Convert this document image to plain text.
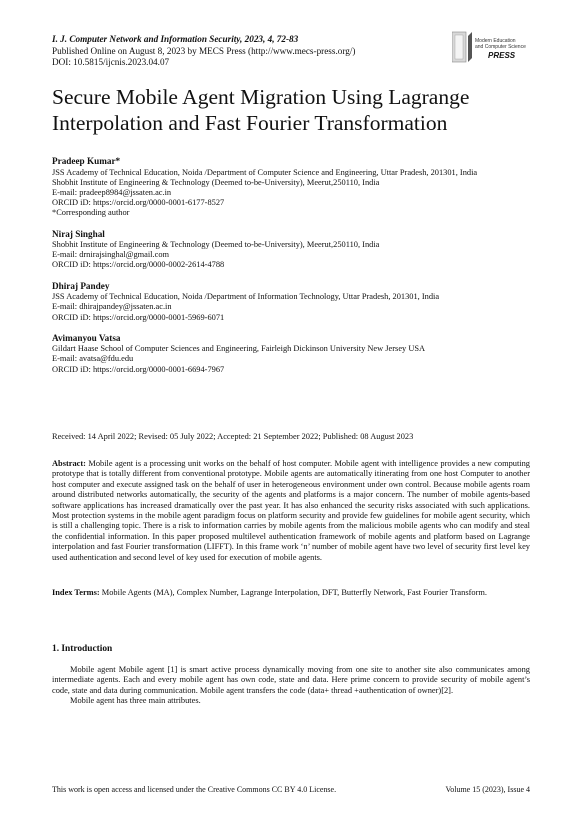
I. J. Computer Network and Information Security, 2023, 4, 72-83
Published Online on August 8, 2023 by MECS Press (http://www.mecs-press.org/)
DOI: 10.5815/ijcnis.2023.04.07
Modern Education
and Computer Science
PRESS
Secure Mobile Agent Migration Using Lagrange Interpolation and Fast Fourier Transformation
Pradeep Kumar*

JSS Academy of Technical Education, Noida /Department of Computer Science and Engineering, Uttar Pradesh, 201301, India

Shobhit Institute of Engineering & Technology (Deemed to-be-University), Meerut,250110, India

E-mail: pradeep8984@jssaten.ac.in

ORCID iD: https://orcid.org/0000-0001-6177-8527

*Corresponding author

Niraj Singhal

Shobhit Institute of Engineering & Technology (Deemed to-be-University), Meerut,250110, India

E-mail: drnirajsinghal@gmail.com

ORCID iD: https://orcid.org/0000-0002-2614-4788

Dhiraj Pandey

JSS Academy of Technical Education, Noida /Department of Information Technology, Uttar Pradesh, 201301, India

E-mail: dhirajpandey@jssaten.ac.in

ORCID iD: https://orcid.org/0000-0001-5969-6071

Avimanyou Vatsa

Gildart Haase School of Computer Sciences and Engineering, Fairleigh Dickinson University New Jersey USA

E-mail: avatsa@fdu.edu

ORCID iD: https://orcid.org/0000-0001-6694-7967

Received: 14 April 2022; Revised: 05 July 2022; Accepted: 21 September 2022; Published: 08 August 2023

Abstract: Mobile agent is a processing unit works on the behalf of host computer. Mobile agent with intelligence provides a new computing prototype that is totally different from conventional prototype. Mobile agents are automatically itinerating from one host Computer to another host computer and execute assigned task on the behalf of user in heterogeneous environment under own control. Because mobile agents roam around distributed networks automatically, the security of the agents and platforms is a major concern. The number of mobile agents-based software applications has increased dramatically over the past year. It has also enhanced the security risks associated with such applications. Most protection systems in the mobile agent paradigm focus on platform security and provide few guidelines for mobile agent security, which is still a challenging topic. There is a risk to information carries by mobile agents from the malicious mobile agents who can modify and steal the confidential information. In this paper proposed multilevel authentication framework of mobile agents and platform based on Lagrange interpolation and fast Fourier transformation (LIFFT). In this frame work ‘n’ number of mobile agent have two level of security first level key used authentication and second level of key used for execution of mobile agents.

Index Terms: Mobile Agents (MA), Complex Number, Lagrange Interpolation, DFT, Butterfly Network, Fast Fourier Transform.

1. Introduction

Mobile agent Mobile agent [1] is smart active process dynamically moving from one site to another site also communicates among intermediate agents. Each and every mobile agent has own code, state and data. Here prime concern to provide security of mobile agent’s code, state and data during communication. Mobile agent transfers the code (data+ thread +authentication of owner)[2].

Mobile agent has three main attributes.

This work is open access and licensed under the Creative Commons CC BY 4.0 License.	Volume 15 (2023), Issue 4
